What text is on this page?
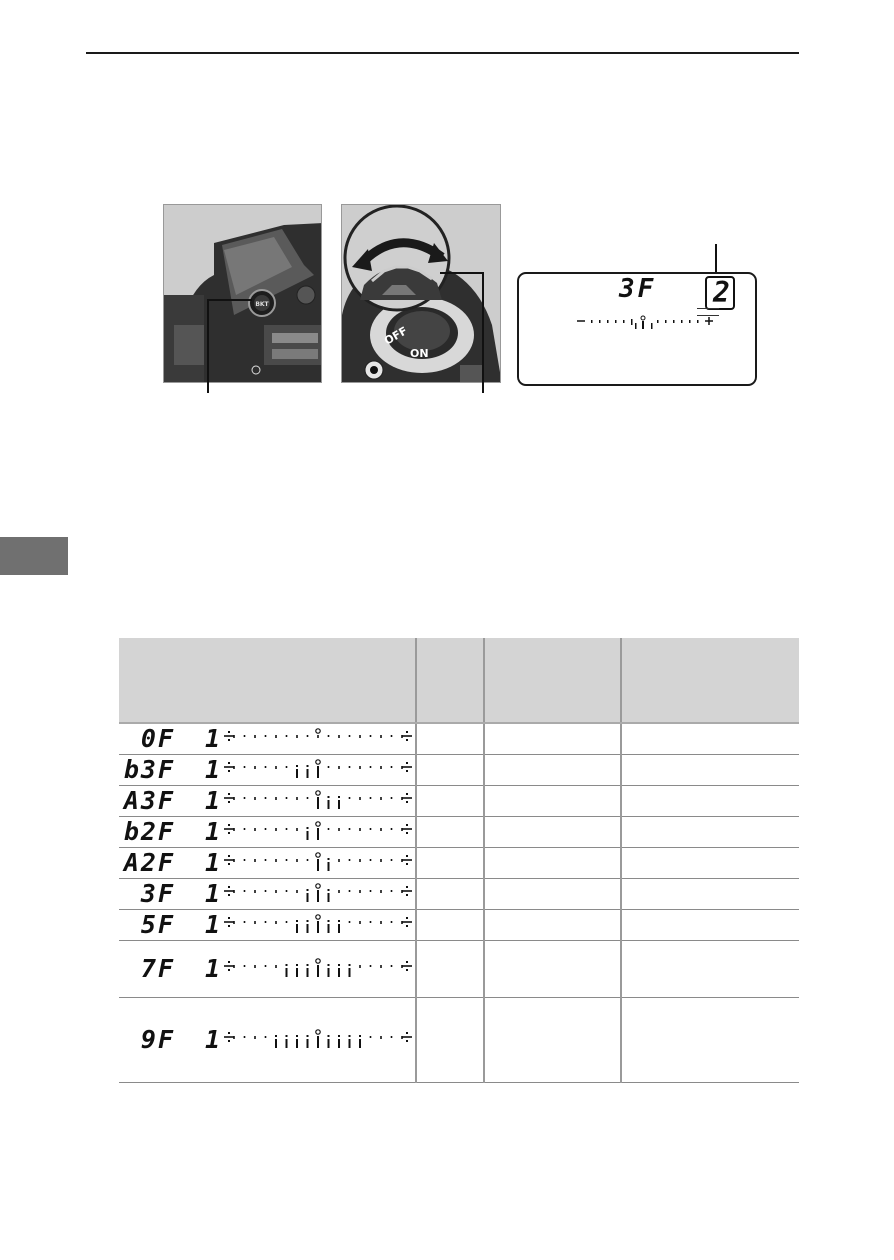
BKT
OFF
ON
3F 2

0F 1			

b3F 1			

A3F 1			

b2F 1			

A2F 1			

3F 1			

5F 1			

7F 1			

9F 1			
